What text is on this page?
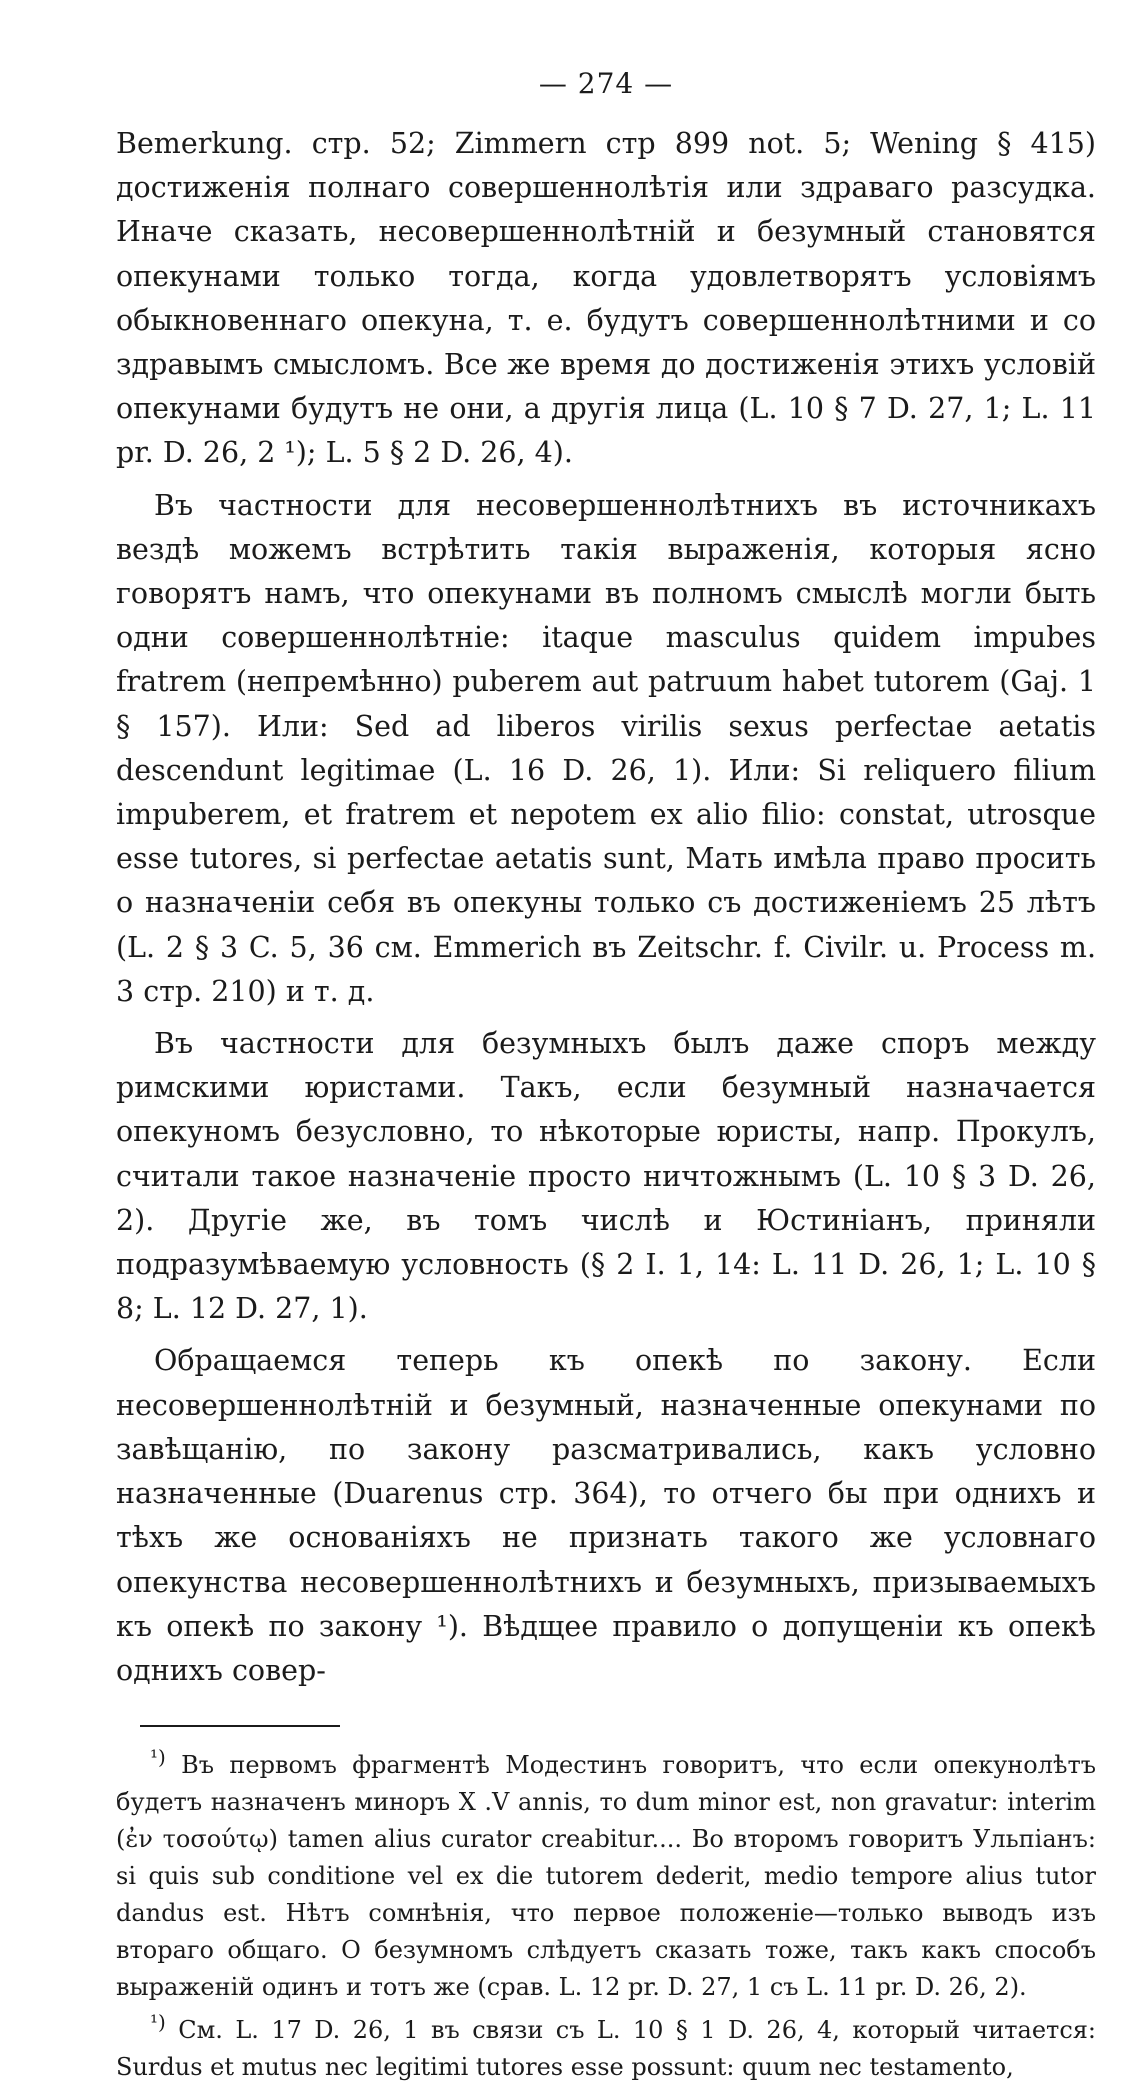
— 274 —

Bemerkung. стр. 52; Zimmern стр 899 not. 5; Wening § 415) достиженія полнаго совершеннолѣтія или здраваго разсудка. Иначе сказать, несовершеннолѣтній и безумный становятся опекунами только тогда, когда удовлетворятъ условіямъ обыкновеннаго опекуна, т. е. будутъ совершеннолѣтними и со здравымъ смысломъ. Все же время до достиженія этихъ условій опекунами будутъ не они, а другія лица (L. 10 § 7 D. 27, 1; L. 11 pr. D. 26, 2 ¹); L. 5 § 2 D. 26, 4).

Въ частности для несовершеннолѣтнихъ въ источникахъ вездѣ можемъ встрѣтить такія выраженія, которыя ясно говорятъ намъ, что опекунами въ полномъ смыслѣ могли быть одни совершеннолѣтніе: itaque masculus quidem impubes fratrem (непремѣнно) puberem aut patruum habet tutorem (Gaj. 1 § 157). Или: Sed ad liberos virilis sexus perfectae aetatis descendunt legitimae (L. 16 D. 26, 1). Или: Si reliquero filium impuberem, et fratrem et nepotem ex alio filio: constat, utrosque esse tutores, si perfectae aetatis sunt, Мать имѣла право просить о назначеніи себя въ опекуны только съ достиженіемъ 25 лѣтъ (L. 2 § 3 C. 5, 36 см. Emmerich въ Zeitschr. f. Civilr. u. Process m. 3 стр. 210) и т. д.

Въ частности для безумныхъ былъ даже споръ между римскими юристами. Такъ, если безумный назначается опекуномъ безусловно, то нѣкоторые юристы, напр. Прокулъ, считали такое назначеніе просто ничтожнымъ (L. 10 § 3 D. 26, 2). Другіе же, въ томъ числѣ и Юстиніанъ, приняли подразумѣваемую условность (§ 2 I. 1, 14: L. 11 D. 26, 1; L. 10 § 8; L. 12 D. 27, 1).

Обращаемся теперь къ опекѣ по закону. Если несовершеннолѣтній и безумный, назначенные опекунами по завѣщанію, по закону разсматривались, какъ условно назначенные (Duarenus стр. 364), то отчего бы при однихъ и тѣхъ же основаніяхъ не признать такого же условнаго опекунства несовершеннолѣтнихъ и безумныхъ, призываемыхъ къ опекѣ по закону ¹). Вѣдщее правило о допущеніи къ опекѣ однихъ совер-

$^{^1)}$ Въ первомъ фрагментѣ Модестинъ говоритъ, что если опекунолѣтъ будетъ назначенъ миноръ X .V annis, то dum minor est, non gravatur: interim (ἐν τοσούτῳ) tamen alius curator creabitur.... Во второмъ говоритъ Ульпіанъ: si quis sub conditione vel ex die tutorem dederit, medio tempore alius tutor dandus est. Нѣтъ сомнѣнія, что первое положеніе—только выводъ изъ втораго общаго. О безумномъ слѣдуетъ сказать тоже, такъ какъ способъ выраженій одинъ и тотъ же (срав. L. 12 pr. D. 27, 1 съ L. 11 pr. D. 26, 2).

$^{^1)}$ См. L. 17 D. 26, 1 въ связи съ L. 10 § 1 D. 26, 4, который читается: Surdus et mutus nec legitimi tutores esse possunt: quum nec testamento,
